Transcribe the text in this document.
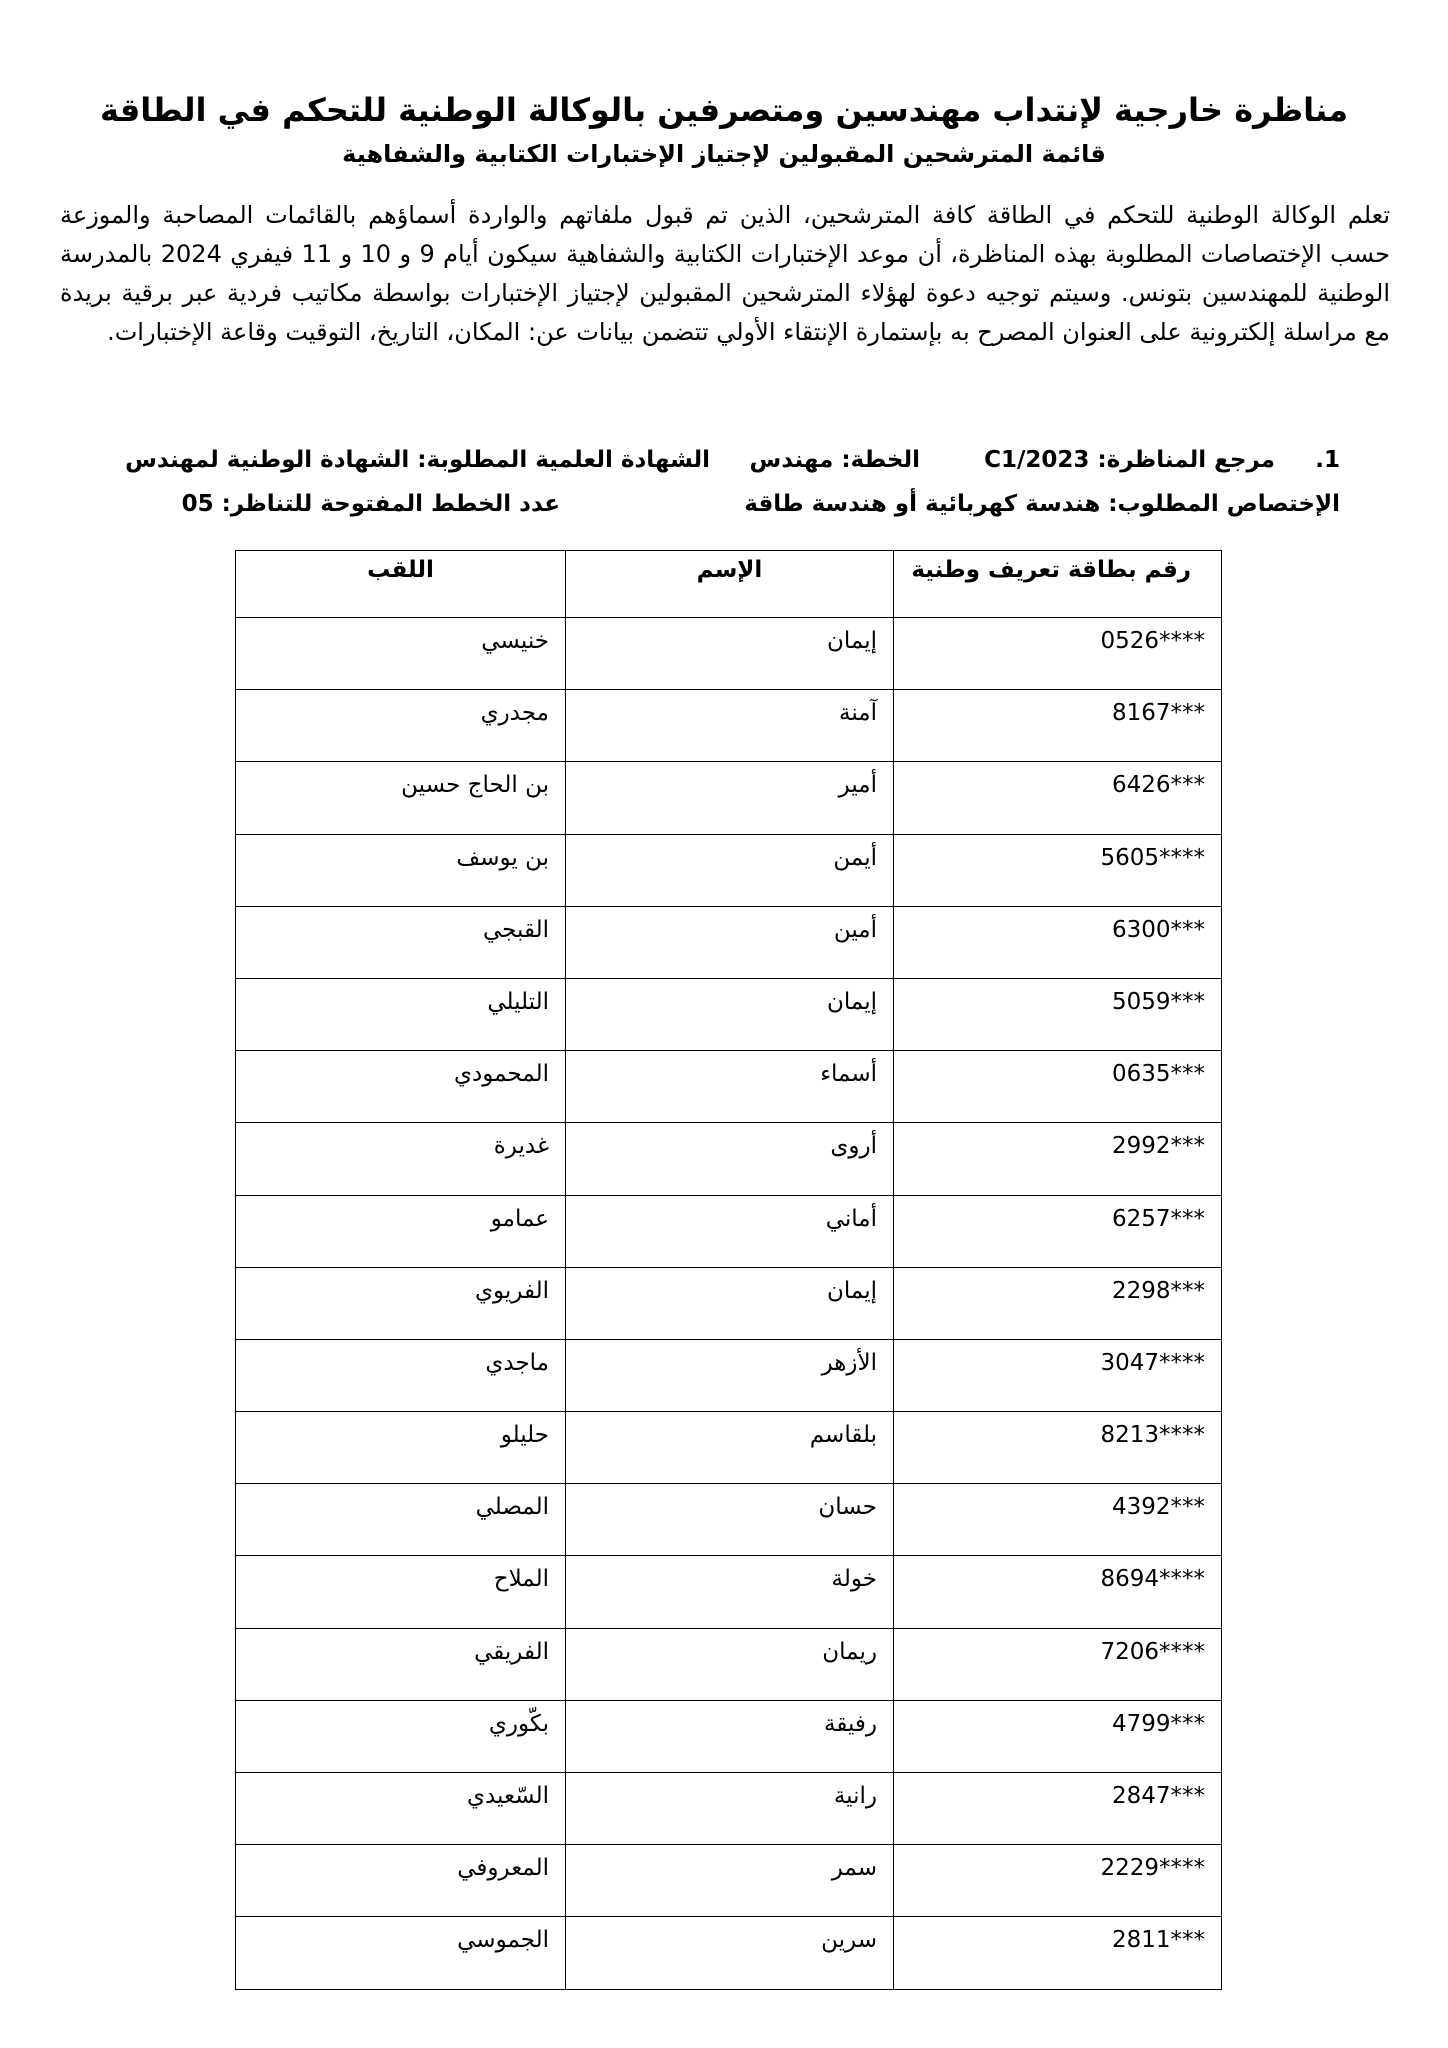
مناظرة خارجية لإنتداب مهندسين ومتصرفين بالوكالة الوطنية للتحكم في الطاقة
قائمة المترشحين المقبولين لإجتياز الإختبارات الكتابية والشفاهية
تعلم الوكالة الوطنية للتحكم في الطاقة كافة المترشحين، الذين تم قبول ملفاتهم والواردة أسماؤهم بالقائمات المصاحبة والموزعة حسب الإختصاصات المطلوبة بهذه المناظرة، أن موعد الإختبارات الكتابية والشفاهية سيكون أيام 9 و 10 و 11 فيفري 2024 بالمدرسة الوطنية للمهندسين بتونس. وسيتم توجيه دعوة لهؤلاء المترشحين المقبولين لإجتياز الإختبارات بواسطة مكاتيب فردية عبر برقية بريدة مع مراسلة إلكترونية على العنوان المصرح به بإستمارة الإنتقاء الأولي تتضمن بيانات عن: المكان، التاريخ، التوقيت وقاعة الإختبارات.
1.
مرجع المناظرة: C1/2023
الخطة: مهندس
الشهادة العلمية المطلوبة: الشهادة الوطنية لمهندس
الإختصاص المطلوب: هندسة كهربائية أو هندسة طاقة
عدد الخطط المفتوحة للتناظر: 05
رقم بطاقة تعريف وطنية	الإسم	اللقب
0526****	إيمان	خنيسي
8167***	آمنة	مجدري
6426***	أمير	بن الحاج حسين
5605****	أيمن	بن يوسف
6300***	أمين	القبجي
5059***	إيمان	التليلي
0635***	أسماء	المحمودي
2992***	أروى	غديرة
6257***	أماني	عمامو
2298***	إيمان	الفريوي
3047****	الأزهر	ماجدي
8213****	بلقاسم	حليلو
4392***	حسان	المصلي
8694****	خولة	الملاح
7206****	ريمان	الفريقي
4799***	رفيقة	بكّوري
2847***	رانية	السّعيدي
2229****	سمر	المعروفي
2811***	سرين	الجموسي
